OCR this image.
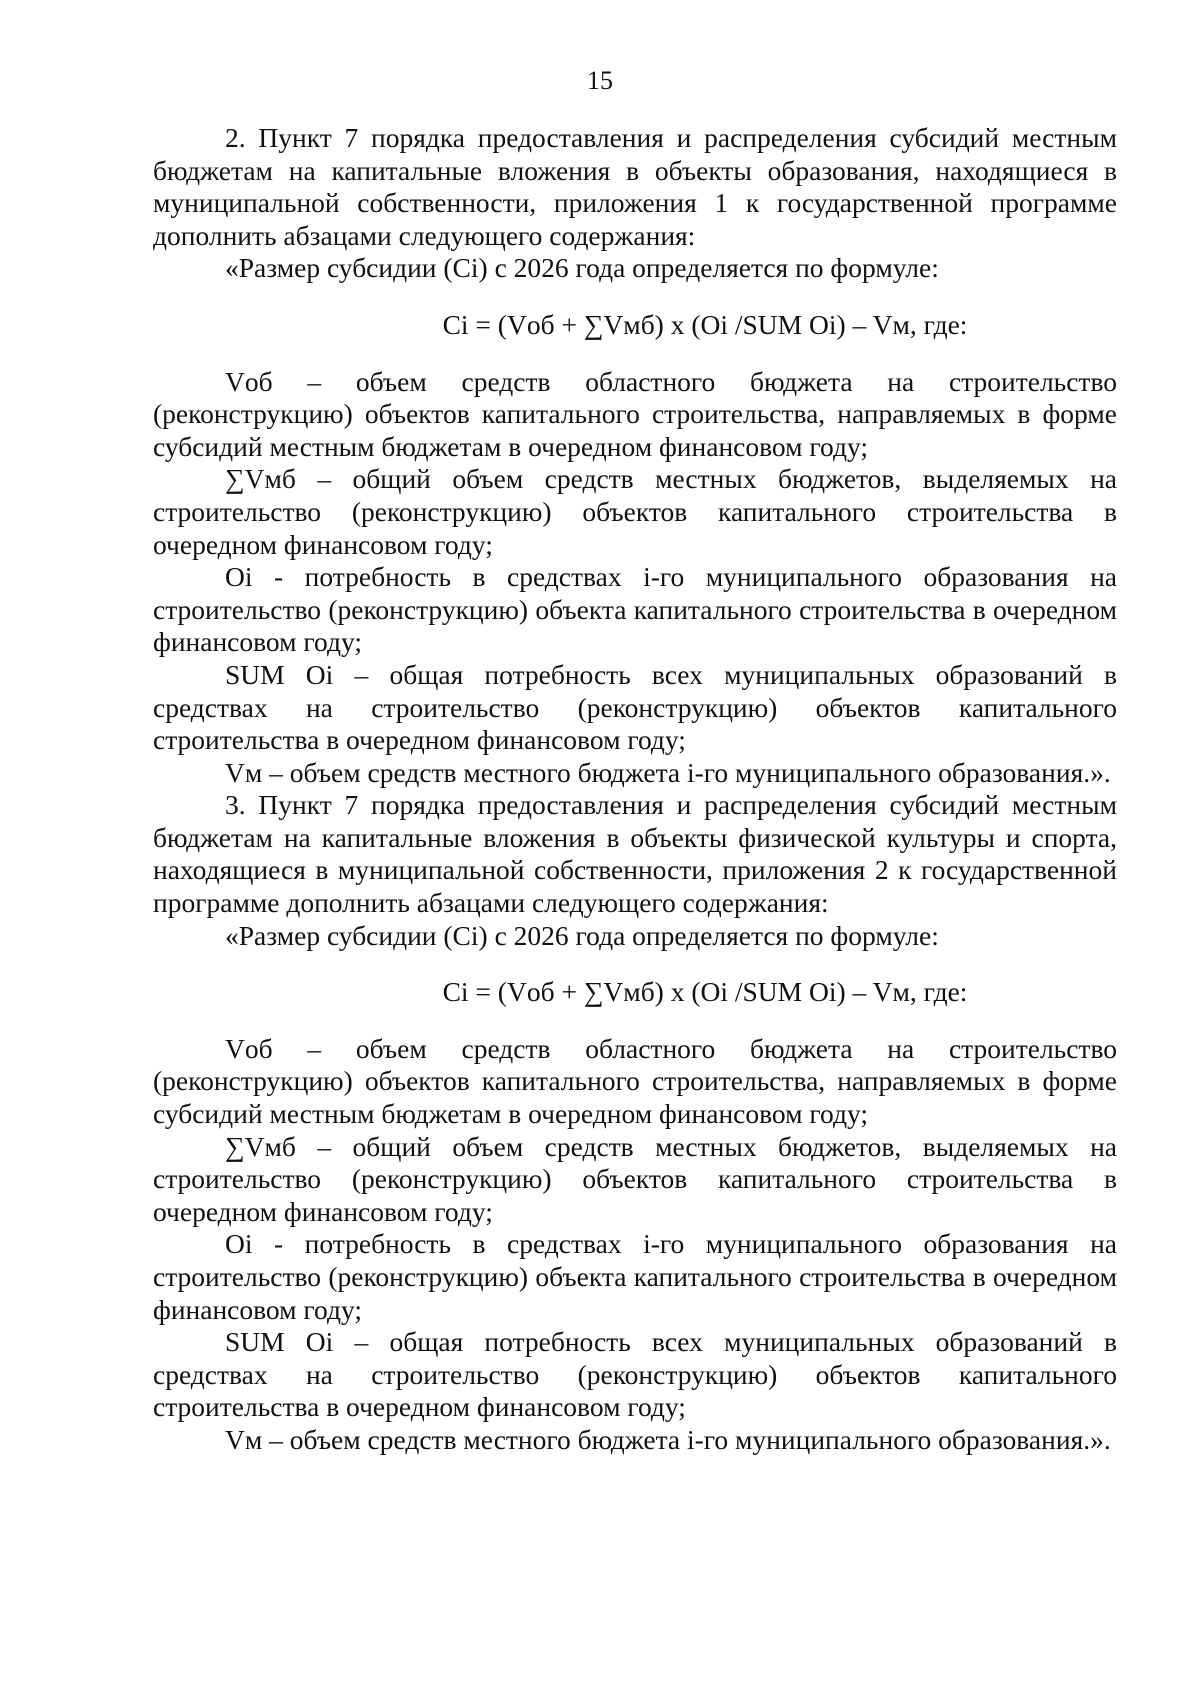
15

2. Пункт 7 порядка предоставления и распределения субсидий местным бюджетам на капитальные вложения в объекты образования, находящиеся в муниципальной собственности, приложения 1 к государственной программе дополнить абзацами следующего содержания:

«Размер субсидии (Ci) с 2026 года определяется по формуле:

Ci = (Vоб + ∑Vмб) x (Oi /SUM Oi) – Vм, где:

Vоб – объем средств областного бюджета на строительство (реконструкцию) объектов капитального строительства, направляемых в форме субсидий местным бюджетам в очередном финансовом году;

∑Vмб – общий объем средств местных бюджетов, выделяемых на строительство (реконструкцию) объектов капитального строительства в очередном финансовом году;

Oi - потребность в средствах i-го муниципального образования на строительство (реконструкцию) объекта капитального строительства в очередном финансовом году;

SUM Oi – общая потребность всех муниципальных образований в средствах на строительство (реконструкцию) объектов капитального строительства в очередном финансовом году;

Vм – объем средств местного бюджета i-го муниципального образования.».

3. Пункт 7 порядка предоставления и распределения субсидий местным бюджетам на капитальные вложения в объекты физической культуры и спорта, находящиеся в муниципальной собственности, приложения 2 к государственной программе дополнить абзацами следующего содержания:

«Размер субсидии (Ci) с 2026 года определяется по формуле:

Ci = (Vоб + ∑Vмб) x (Oi /SUM Oi) – Vм, где:

Vоб – объем средств областного бюджета на строительство (реконструкцию) объектов капитального строительства, направляемых в форме субсидий местным бюджетам в очередном финансовом году;

∑Vмб – общий объем средств местных бюджетов, выделяемых на строительство (реконструкцию) объектов капитального строительства в очередном финансовом году;

Oi - потребность в средствах i-го муниципального образования на строительство (реконструкцию) объекта капитального строительства в очередном финансовом году;

SUM Oi – общая потребность всех муниципальных образований в средствах на строительство (реконструкцию) объектов капитального строительства в очередном финансовом году;

Vм – объем средств местного бюджета i-го муниципального образования.».
